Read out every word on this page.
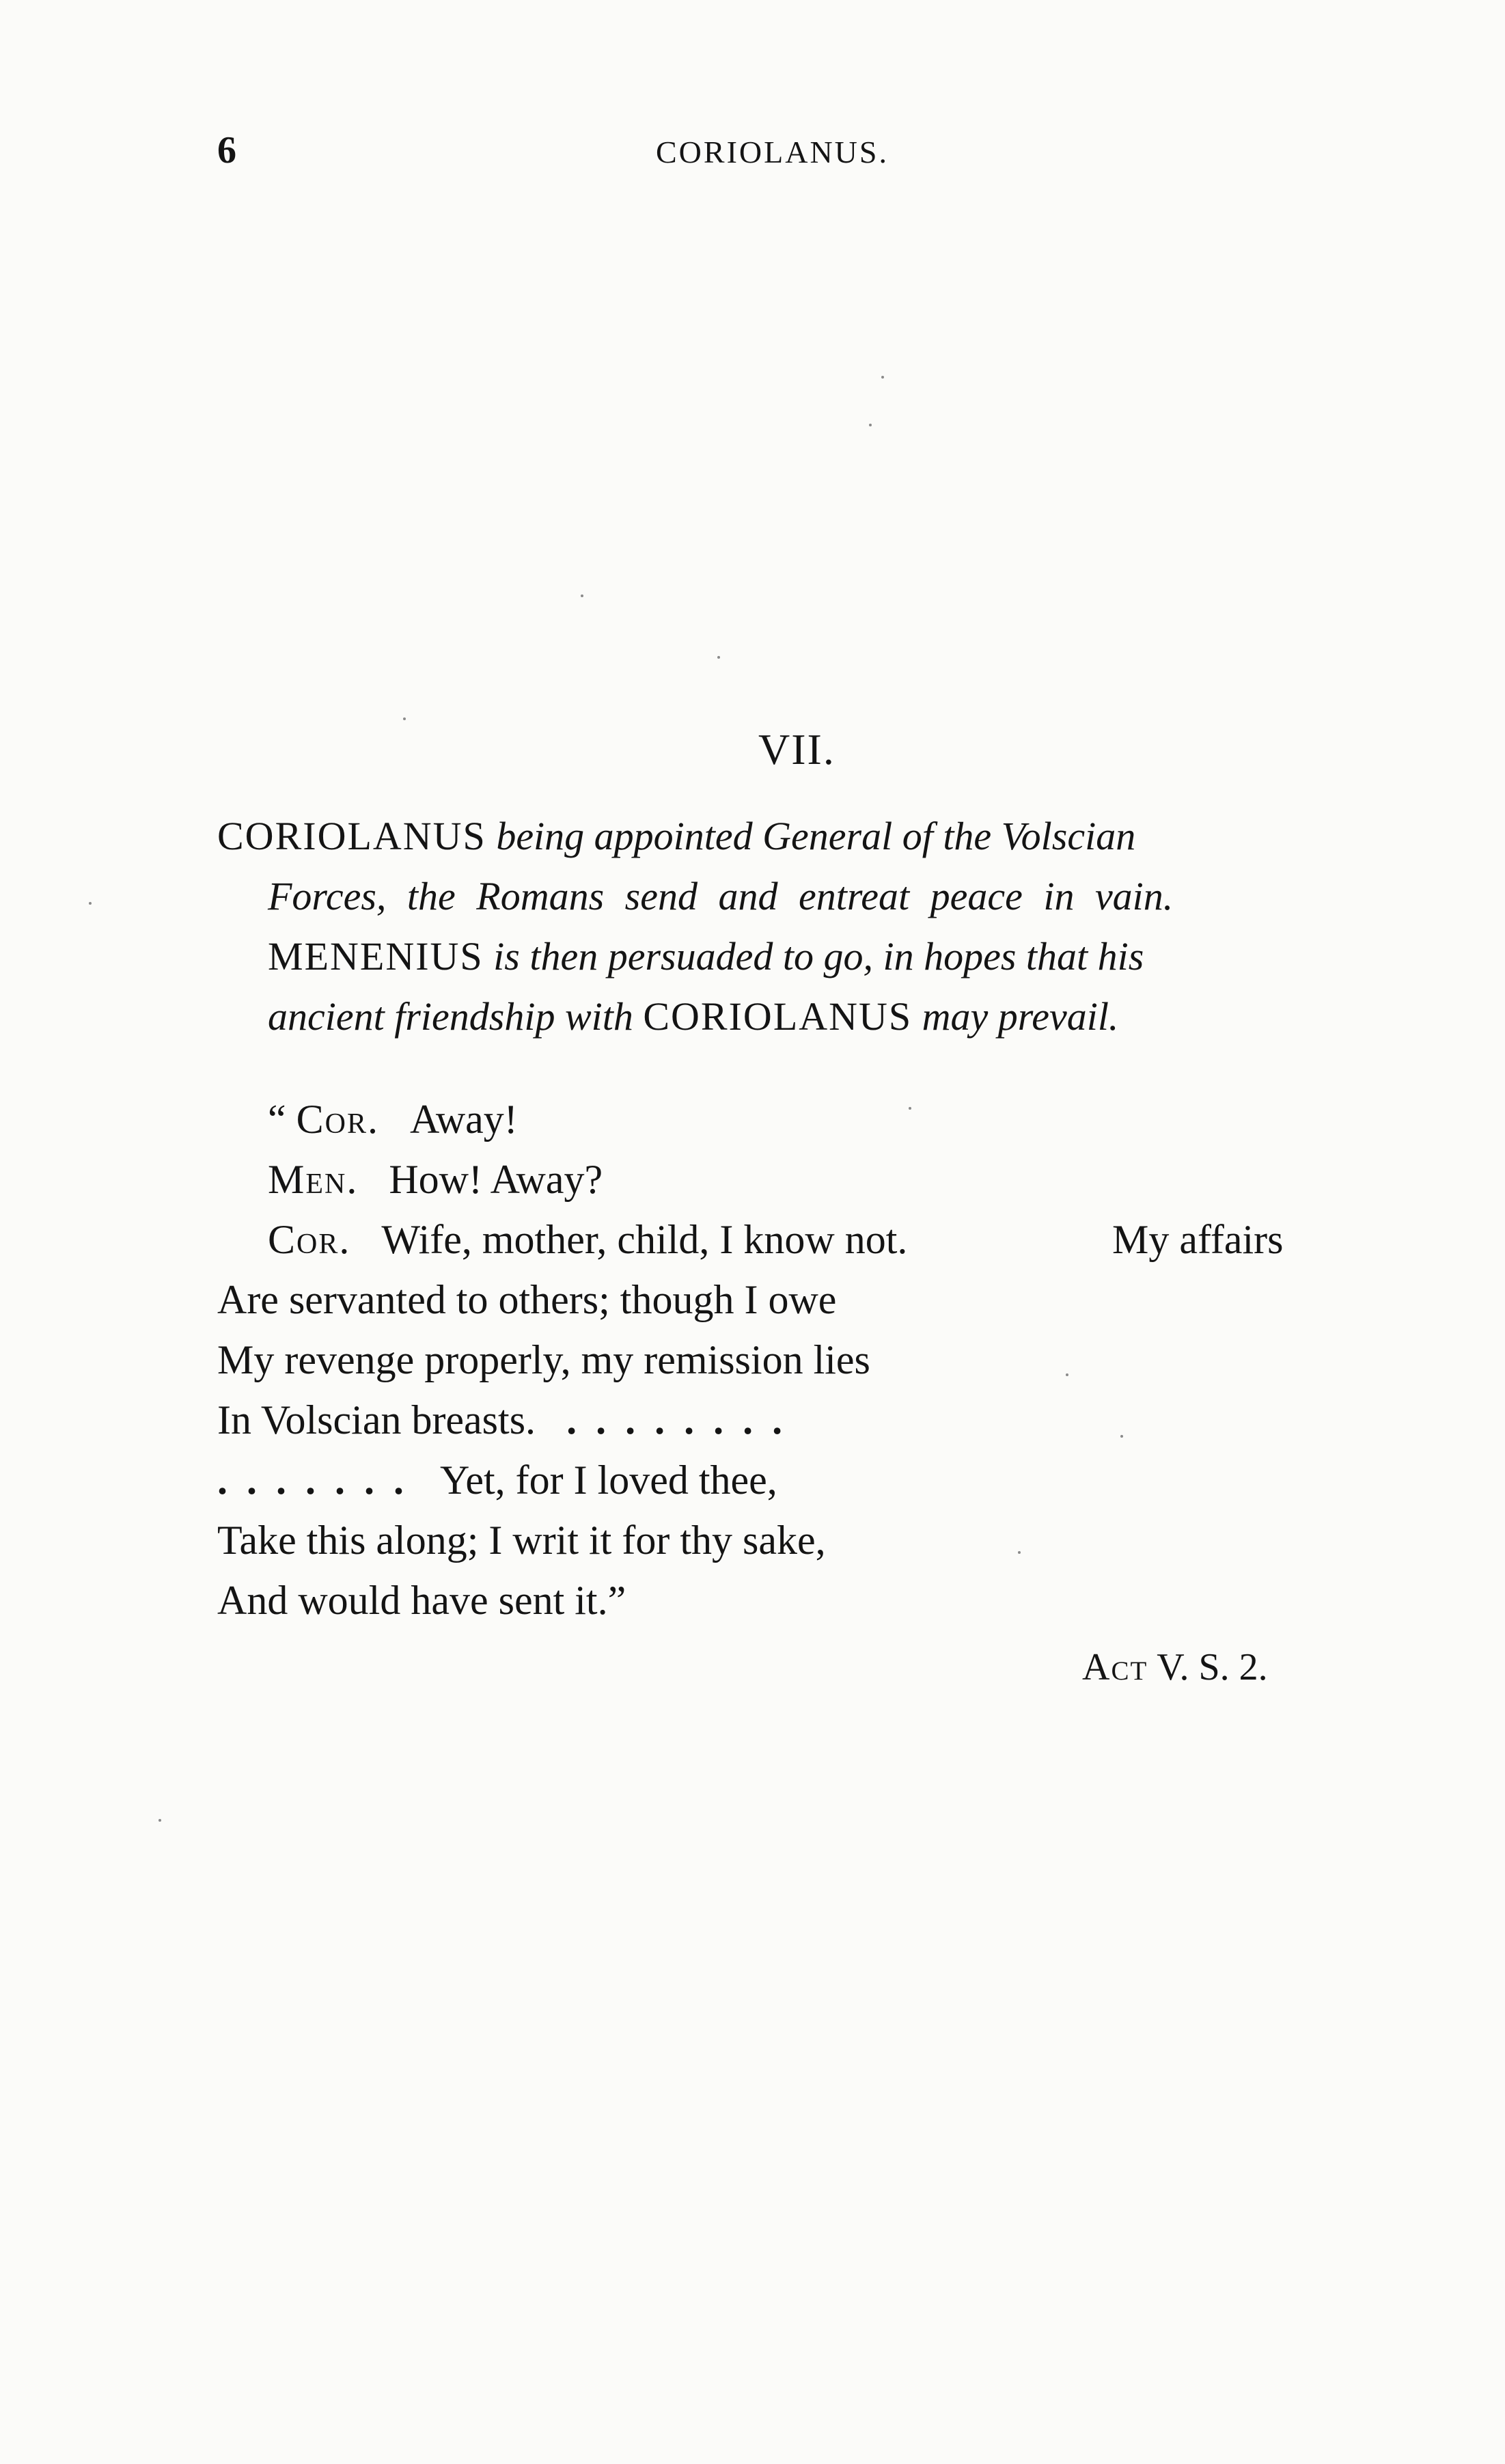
6	CORIOLANUS.
VII.
CORIOLANUS being appointed General of the Volscian
Forces, the Romans send and entreat peace in vain.
MENENIUS is then persuaded to go, in hopes that his
ancient friendship with CORIOLANUS may prevail.
“ Cor. Away!
Men. How! Away?
Cor. Wife, mother, child, I know not.	My affairs
Are servanted to others; though I owe
My revenge properly, my remission lies
In Volscian breasts. ........
....... Yet, for I loved thee,
Take this along; I writ it for thy sake,
And would have sent it.”
Act V. S. 2.
